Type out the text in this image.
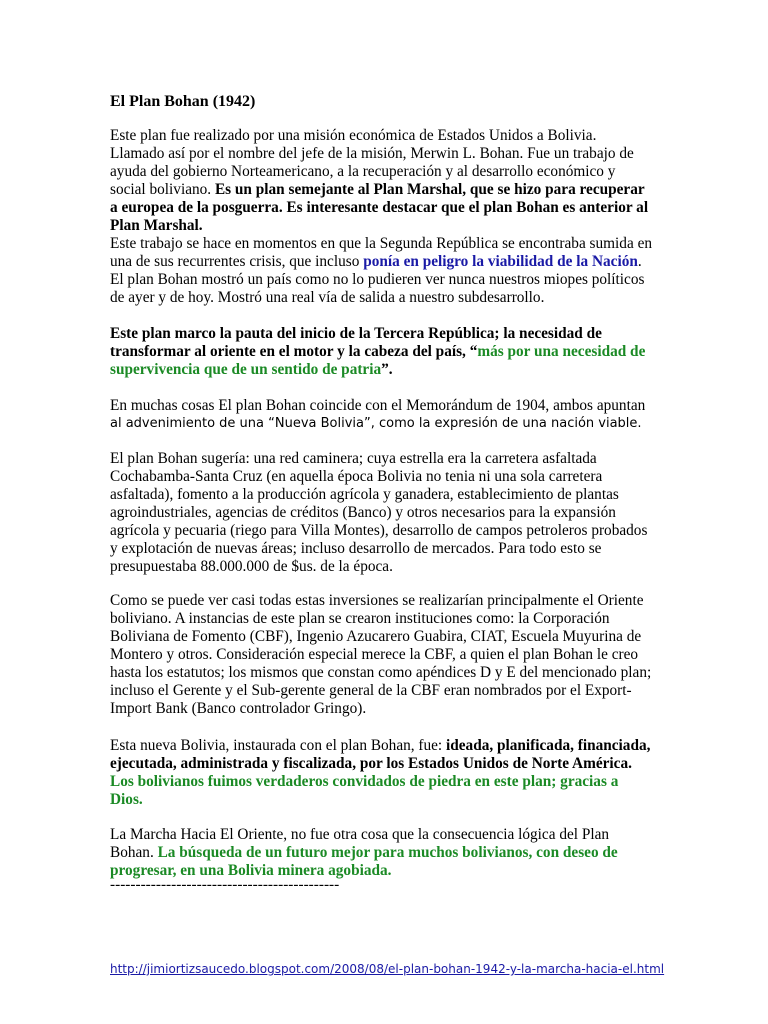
El Plan Bohan (1942)

Este plan fue realizado por una misión económica de Estados Unidos a Bolivia.

Llamado así por el nombre del jefe de la misión, Merwin L. Bohan. Fue un trabajo de

ayuda del gobierno Norteamericano, a la recuperación y al desarrollo económico y

social boliviano. Es un plan semejante al Plan Marshal, que se hizo para recuperar

a europea de la posguerra. Es interesante destacar que el plan Bohan es anterior al

Plan Marshal.

Este trabajo se hace en momentos en que la Segunda República se encontraba sumida en

una de sus recurrentes crisis, que incluso ponía en peligro la viabilidad de la Nación.

El plan Bohan mostró un país como no lo pudieren ver nunca nuestros miopes políticos

de ayer y de hoy. Mostró una real vía de salida a nuestro subdesarrollo.

Este plan marco la pauta del inicio de la Tercera República; la necesidad de

transformar al oriente en el motor y la cabeza del país, “más por una necesidad de

supervivencia que de un sentido de patria”.

En muchas cosas El plan Bohan coincide con el Memorándum de 1904, ambos apuntan

al advenimiento de una “Nueva Bolivia”, como la expresión de una nación viable.

El plan Bohan sugería: una red caminera; cuya estrella era la carretera asfaltada

Cochabamba-Santa Cruz (en aquella época Bolivia no tenia ni una sola carretera

asfaltada), fomento a la producción agrícola y ganadera, establecimiento de plantas

agroindustriales, agencias de créditos (Banco) y otros necesarios para la expansión

agrícola y pecuaria (riego para Villa Montes), desarrollo de campos petroleros probados

y explotación de nuevas áreas; incluso desarrollo de mercados. Para todo esto se

presupuestaba 88.000.000 de $us. de la época.

Como se puede ver casi todas estas inversiones se realizarían principalmente el Oriente

boliviano. A instancias de este plan se crearon instituciones como: la Corporación

Boliviana de Fomento (CBF), Ingenio Azucarero Guabira, CIAT, Escuela Muyurina de

Montero y otros. Consideración especial merece la CBF, a quien el plan Bohan le creo

hasta los estatutos; los mismos que constan como apéndices D y E del mencionado plan;

incluso el Gerente y el Sub-gerente general de la CBF eran nombrados por el Export-

Import Bank (Banco controlador Gringo).

Esta nueva Bolivia, instaurada con el plan Bohan, fue: ideada, planificada, financiada,

ejecutada, administrada y fiscalizada, por los Estados Unidos de Norte América.

Los bolivianos fuimos verdaderos convidados de piedra en este plan; gracias a

Dios.

La Marcha Hacia El Oriente, no fue otra cosa que la consecuencia lógica del Plan

Bohan. La búsqueda de un futuro mejor para muchos bolivianos, con deseo de

progresar, en una Bolivia minera agobiada.

---------------------------------------------

http://jimiortizsaucedo.blogspot.com/2008/08/el-plan-bohan-1942-y-la-marcha-hacia-el.html
